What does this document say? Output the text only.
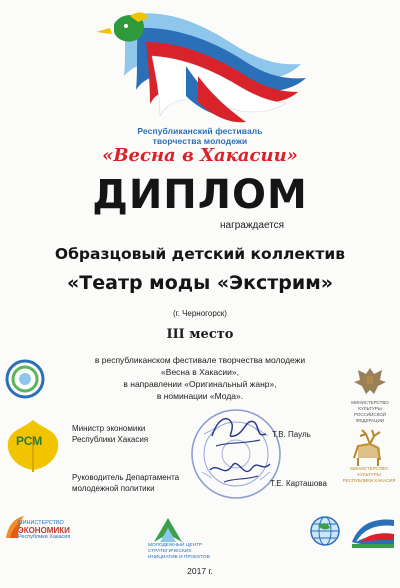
Республиканский фестиваль
творчества молодежи
«Весна в Хакасии»
ДИПЛОМ
награждается
Образцовый детский коллектив
«Театр моды «Экстрим»
(г. Черногорск)
III место
в республиканском фестивале творчества молодежи
«Весна в Хакасии»,
в направлении «Оригинальный жанр»,
в номинации «Мода».
РСМ
МИНИСТЕРСТВО
ЭКОНОМИКИ
Республики Хакасия
Министр экономики
Республики Хакасия
Руководитель Департамента
молодежной политики
Т.В. Пауль
Т.Е. Карташова
МИНИСТЕРСТВО КУЛЬТУРЫ
РОССИЙСКОЙ ФЕДЕРАЦИИ
МИНИСТЕРСТВО КУЛЬТУРЫ
РЕСПУБЛИКИ ХАКАСИЯ
МОЛОДЕЖНЫЙ ЦЕНТР
СТРАТЕГИЧЕСКИХ
ИНИЦИАТИВ И ПРОЕКТОВ
2017 г.
